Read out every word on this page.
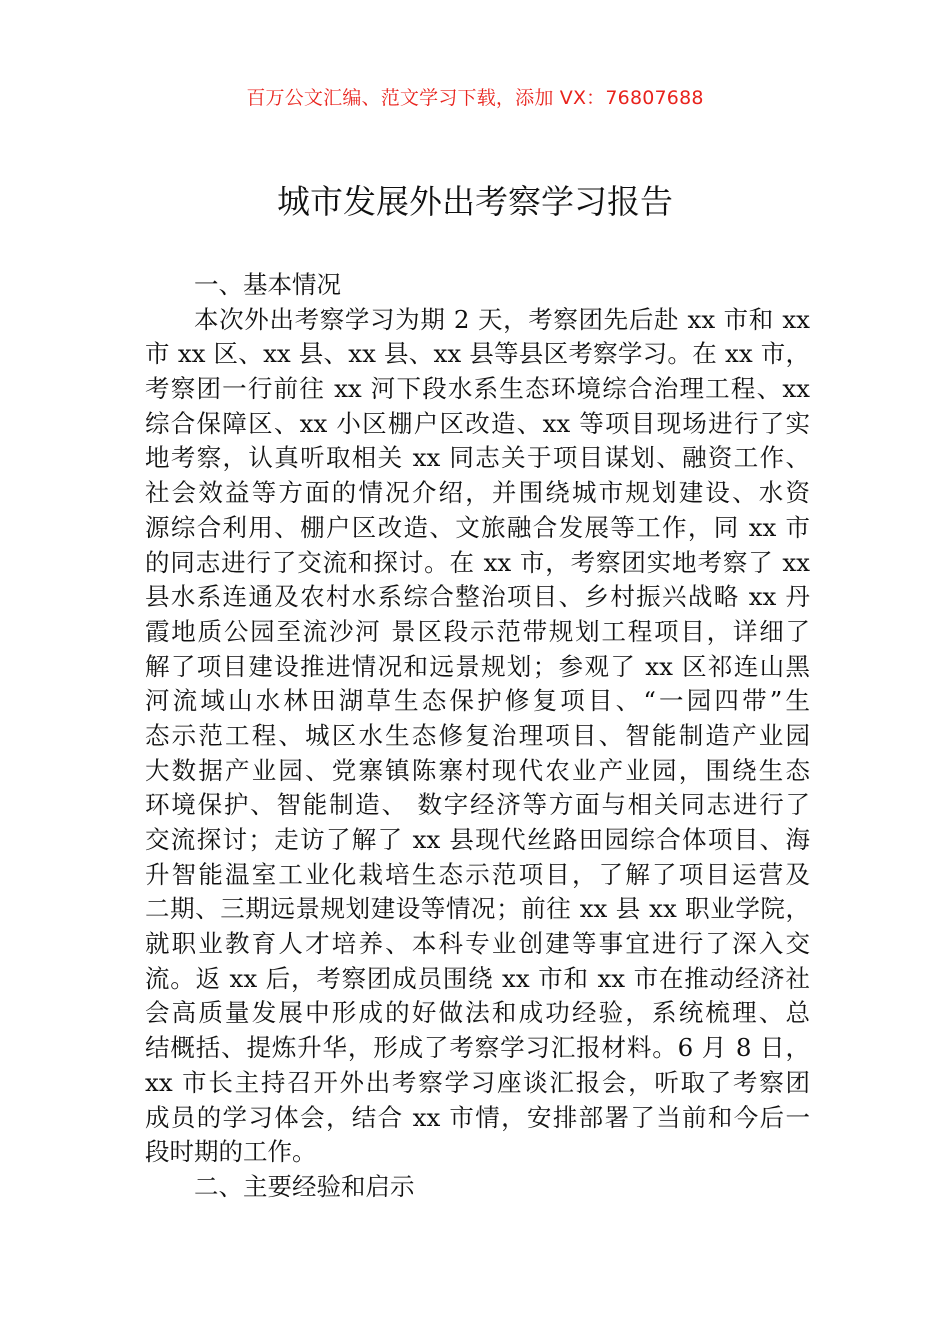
百万公文汇编、范文学习下载，添加 VX：76807688
城市发展外出考察学习报告
一、基本情况
本次外出考察学习为期 2 天，考察团先后赴 xx 市和 xx
市 xx 区、xx 县、xx 县、xx 县等县区考察学习。在 xx 市，
考察团一行前往 xx 河下段水系生态环境综合治理工程、xx
综合保障区、xx 小区棚户区改造、xx 等项目现场进行了实
地考察，认真听取相关 xx 同志关于项目谋划、融资工作、
社会效益等方面的情况介绍，并围绕城市规划建设、水资
源综合利用、棚户区改造、文旅融合发展等工作，同 xx 市
的同志进行了交流和探讨。在 xx 市，考察团实地考察了 xx
县水系连通及农村水系综合整治项目、乡村振兴战略 xx 丹
霞地质公园至流沙河 景区段示范带规划工程项目，详细了
解了项目建设推进情况和远景规划；参观了 xx 区祁连山黑
河流域山水林田湖草生态保护修复项目、“一园四带”生
态示范工程、城区水生态修复治理项目、智能制造产业园
大数据产业园、党寨镇陈寨村现代农业产业园，围绕生态
环境保护、智能制造、 数字经济等方面与相关同志进行了
交流探讨；走访了解了 xx 县现代丝路田园综合体项目、海
升智能温室工业化栽培生态示范项目，了解了项目运营及
二期、三期远景规划建设等情况；前往 xx 县 xx 职业学院，
就职业教育人才培养、本科专业创建等事宜进行了深入交
流。返 xx 后，考察团成员围绕 xx 市和 xx 市在推动经济社
会高质量发展中形成的好做法和成功经验，系统梳理、总
结概括、提炼升华，形成了考察学习汇报材料。6 月 8 日，
xx 市长主持召开外出考察学习座谈汇报会，听取了考察团
成员的学习体会，结合 xx 市情，安排部署了当前和今后一
段时期的工作。
二、主要经验和启示
